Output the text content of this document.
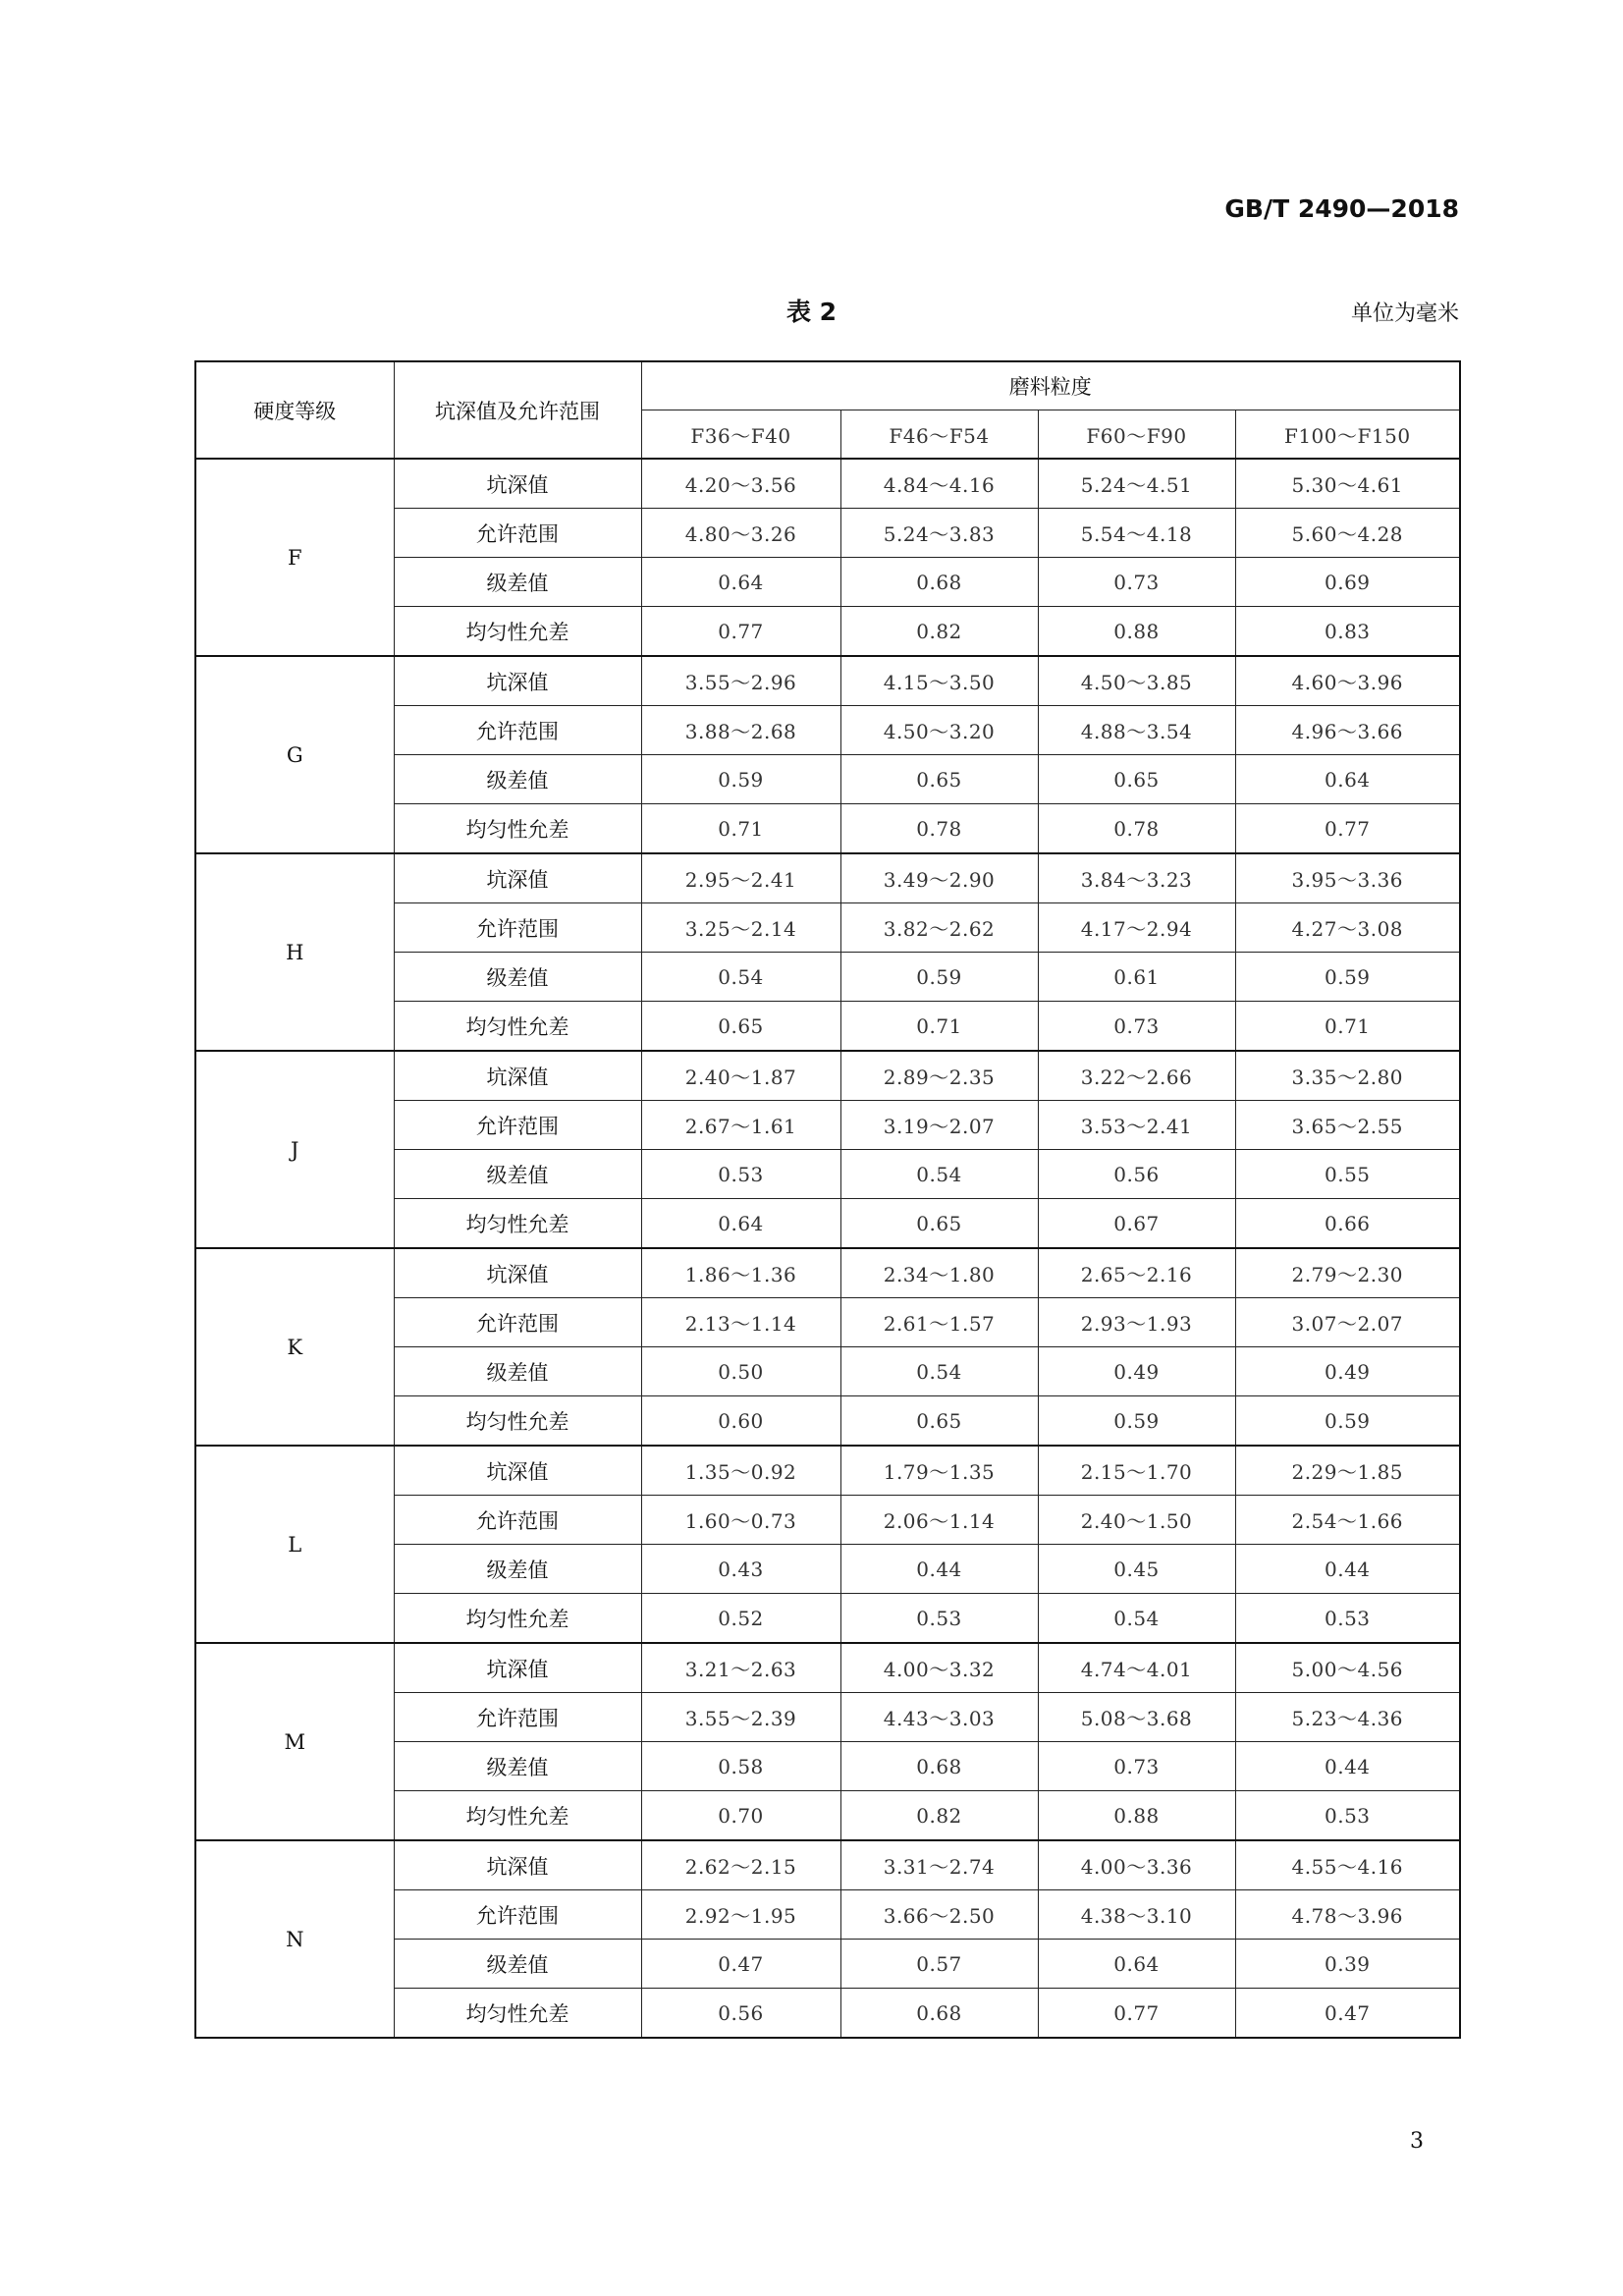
GB/T 2490—2018
表 2	单位为毫米
硬度等级	坑深值及允许范围	磨料粒度			
		F36～F40	F46～F54	F60～F90	F100～F150
F	坑深值	4.20～3.56	4.84～4.16	5.24～4.51	5.30～4.61
	允许范围	4.80～3.26	5.24～3.83	5.54～4.18	5.60～4.28
	级差值	0.64	0.68	0.73	0.69
	均匀性允差	0.77	0.82	0.88	0.83
G	坑深值	3.55～2.96	4.15～3.50	4.50～3.85	4.60～3.96
	允许范围	3.88～2.68	4.50～3.20	4.88～3.54	4.96～3.66
	级差值	0.59	0.65	0.65	0.64
	均匀性允差	0.71	0.78	0.78	0.77
H	坑深值	2.95～2.41	3.49～2.90	3.84～3.23	3.95～3.36
	允许范围	3.25～2.14	3.82～2.62	4.17～2.94	4.27～3.08
	级差值	0.54	0.59	0.61	0.59
	均匀性允差	0.65	0.71	0.73	0.71
J	坑深值	2.40～1.87	2.89～2.35	3.22～2.66	3.35～2.80
	允许范围	2.67～1.61	3.19～2.07	3.53～2.41	3.65～2.55
	级差值	0.53	0.54	0.56	0.55
	均匀性允差	0.64	0.65	0.67	0.66
K	坑深值	1.86～1.36	2.34～1.80	2.65～2.16	2.79～2.30
	允许范围	2.13～1.14	2.61～1.57	2.93～1.93	3.07～2.07
	级差值	0.50	0.54	0.49	0.49
	均匀性允差	0.60	0.65	0.59	0.59
L	坑深值	1.35～0.92	1.79～1.35	2.15～1.70	2.29～1.85
	允许范围	1.60～0.73	2.06～1.14	2.40～1.50	2.54～1.66
	级差值	0.43	0.44	0.45	0.44
	均匀性允差	0.52	0.53	0.54	0.53
M	坑深值	3.21～2.63	4.00～3.32	4.74～4.01	5.00～4.56
	允许范围	3.55～2.39	4.43～3.03	5.08～3.68	5.23～4.36
	级差值	0.58	0.68	0.73	0.44
	均匀性允差	0.70	0.82	0.88	0.53
N	坑深值	2.62～2.15	3.31～2.74	4.00～3.36	4.55～4.16
	允许范围	2.92～1.95	3.66～2.50	4.38～3.10	4.78～3.96
	级差值	0.47	0.57	0.64	0.39
	均匀性允差	0.56	0.68	0.77	0.47
3
